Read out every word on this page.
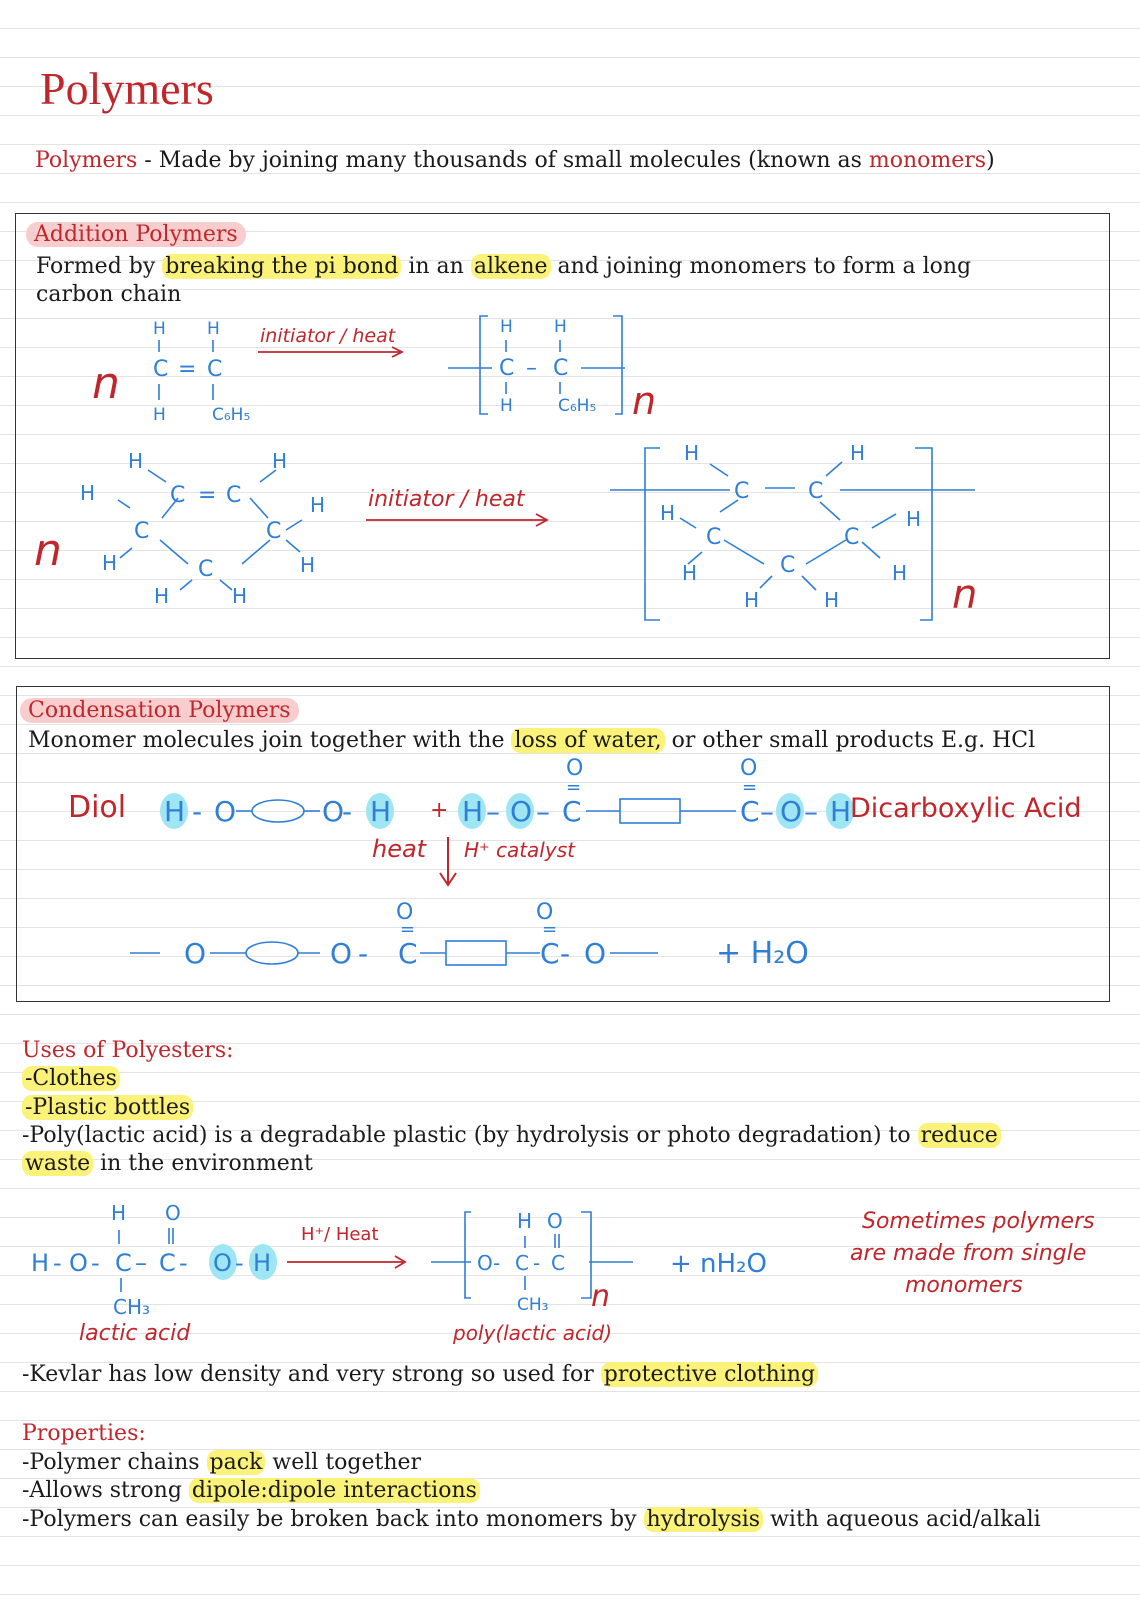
Polymers
Polymers - Made by joining many thousands of small molecules (known as monomers)
Addition Polymers
Formed by breaking the pi bond in an alkene and joining monomers to form a long
carbon chain
n
H H
C = C
H	C₆H₅
initiator / heat	H H
C – C
H	C₆H₅ n
n
H	H
H	H
H	H
H	H
C = C
C	C
C
initiator / heat
H	H
H	H
H	H
H	H
C	C
C	C
C
n
Condensation Polymers
Monomer molecules join together with the loss of water, or other small products E.g. HCl
Diol H - O	O
- H + H – O – C
O
=
C
O
=
– O – H
Dicarboxylic Acid
heat H⁺ catalyst
O	O - C
O
=
C
O
=
- O	+ H₂O
Uses of Polyesters:
-Clothes
-Plastic bottles
-Poly(lactic acid) is a degradable plastic (by hydrolysis or photo degradation) to reduce
waste in the environment
H - O - C – C - O - H
H O
CH₃
lactic acid
H⁺/ Heat
H O
O - C - C
CH₃ n
poly(lactic acid)
+ nH₂O
Sometimes polymers
are made from single
monomers
-Kevlar has low density and very strong so used for protective clothing
Properties:
-Polymer chains pack well together
-Allows strong dipole:dipole interactions
-Polymers can easily be broken back into monomers by hydrolysis with aqueous acid/alkali
